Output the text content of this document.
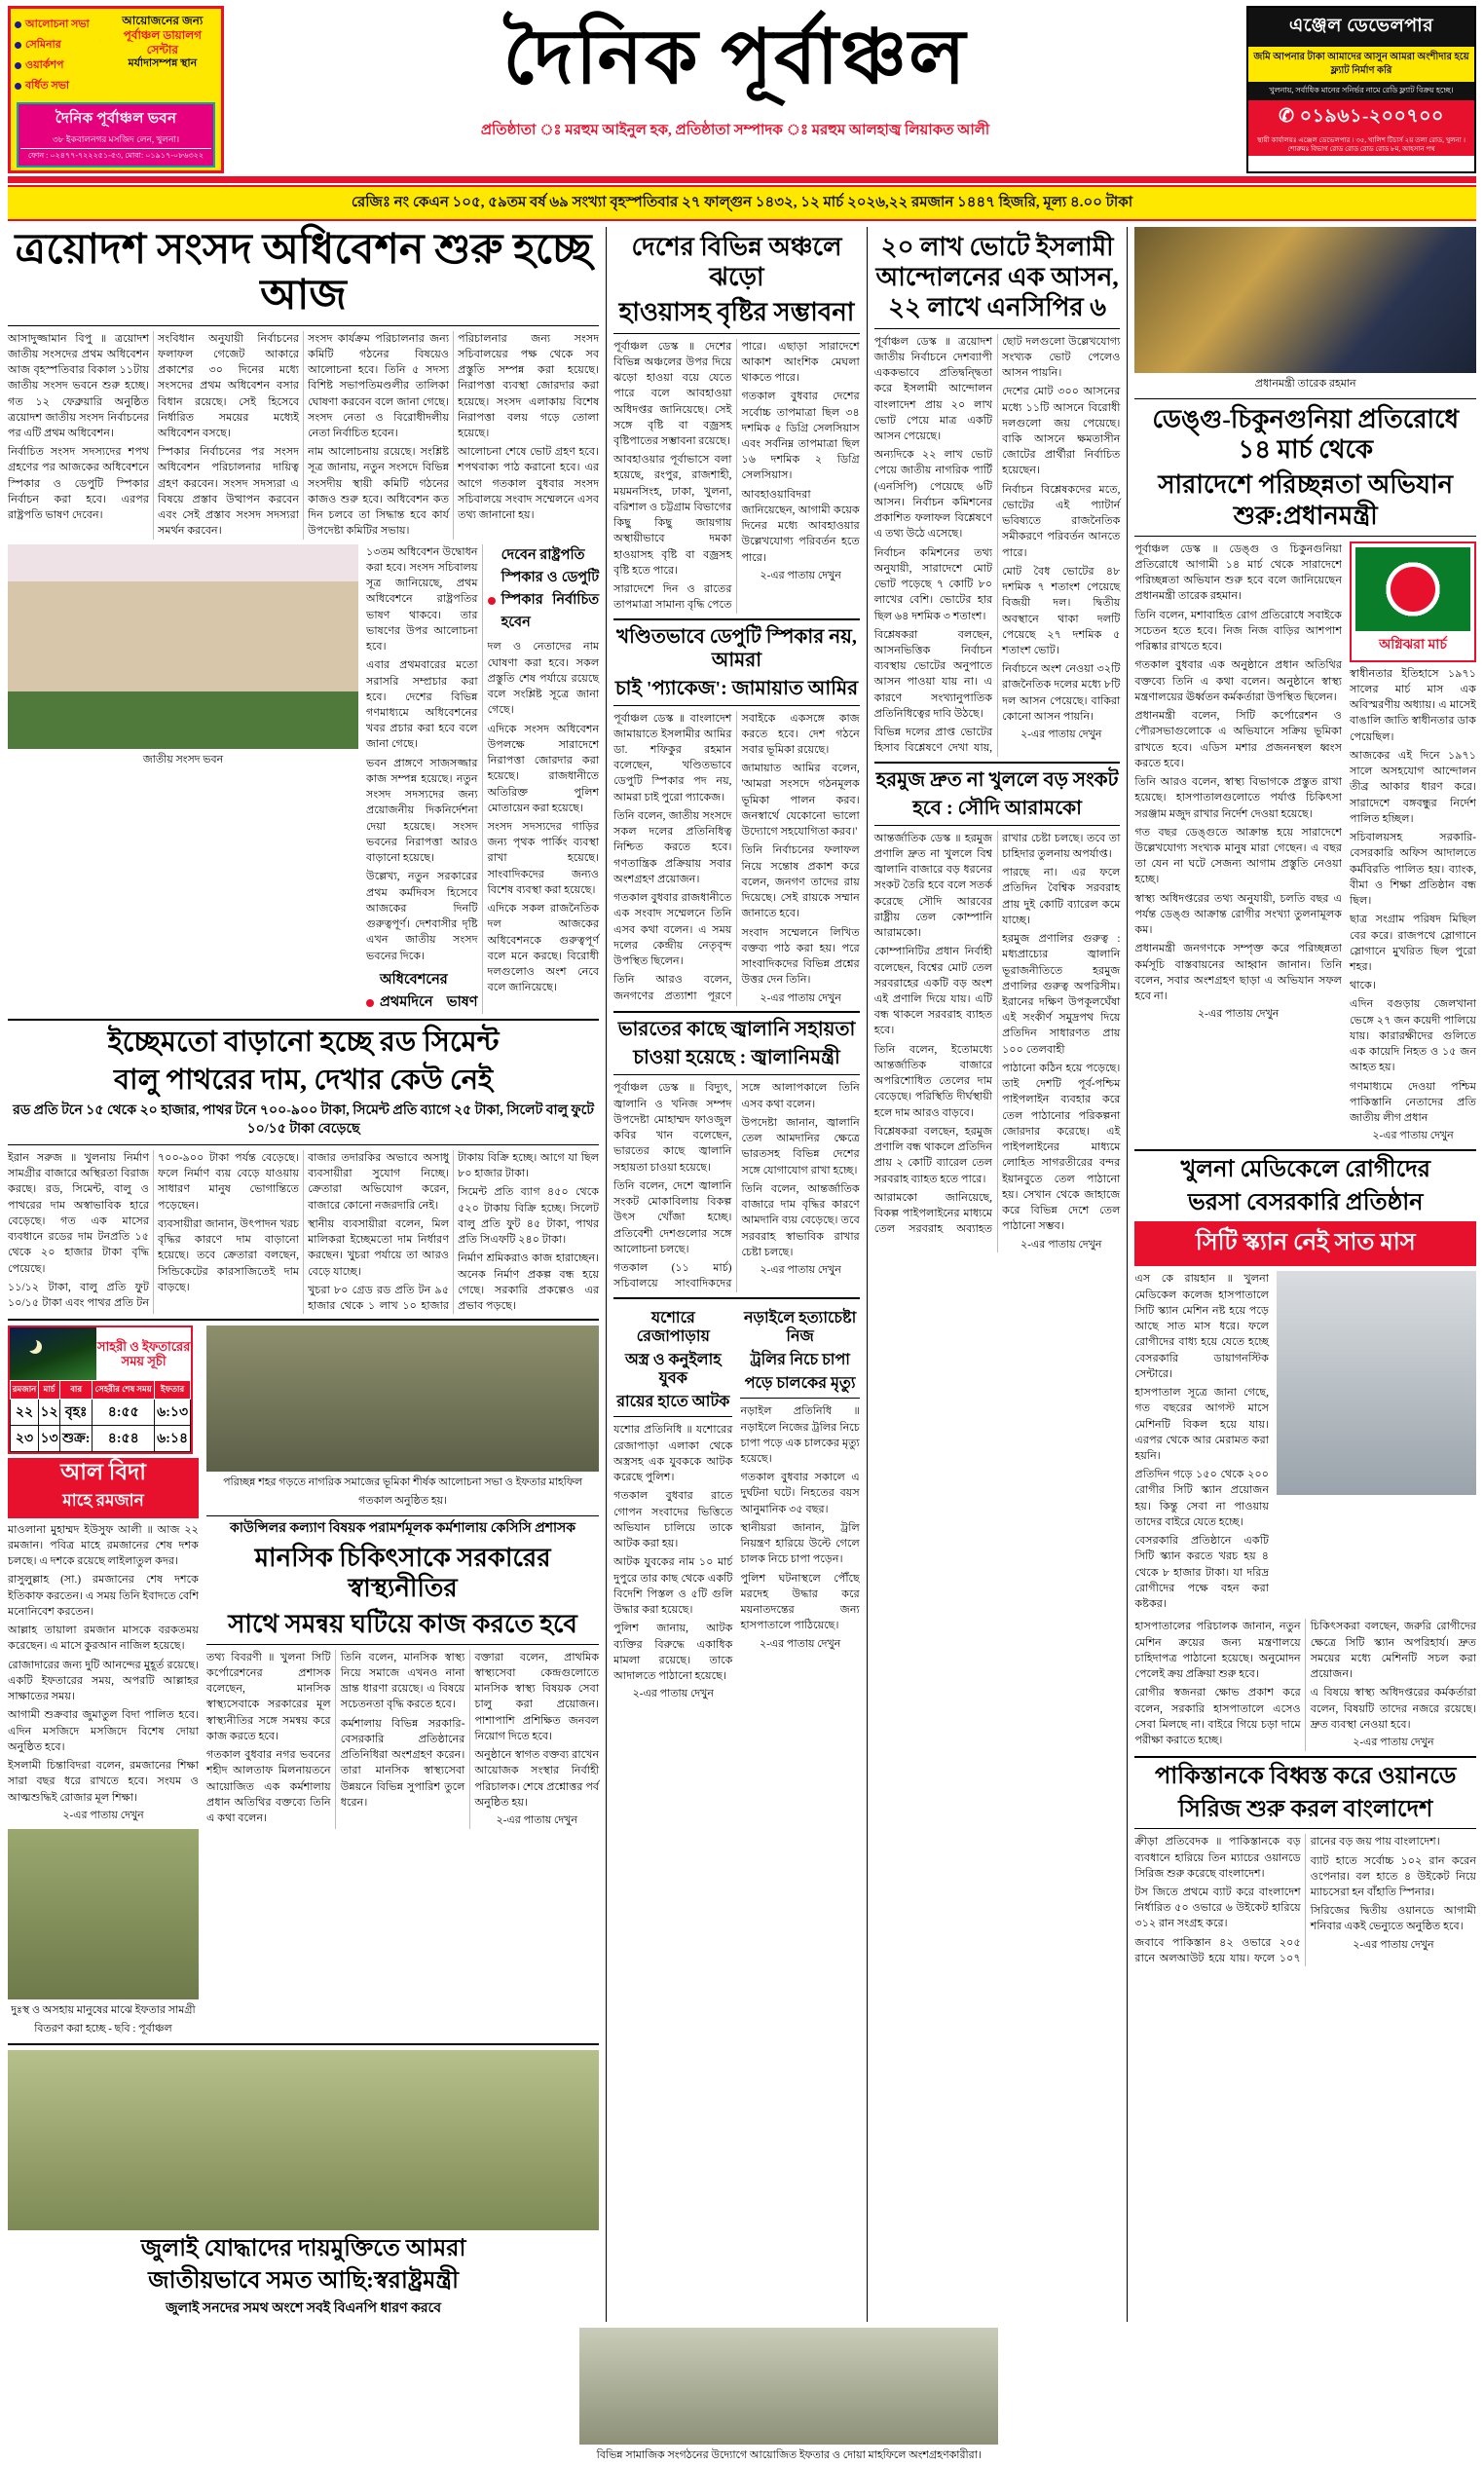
আলোচনা সভা
সেমিনার
ওয়ার্কশপ
বর্ধিত সভা
আয়োজনের জন্য
পূর্বাঞ্চল ডায়ালগ সেন্টার
মর্যাদাসম্পন্ন স্থান
দৈনিক পূর্বাঞ্চল ভবন
৩৮ ইকবালনগর মসজিদ লেন, খুলনা।
ফোন : ০২৪৭৭-৭২২২৫১-৫৩, মোবা: ০১৯১৭-০৮৬৩২২
দৈনিক পূর্বাঞ্চল
প্রতিষ্ঠাতা ঃ মরহুম আইনুল হক, প্রতিষ্ঠাতা সম্পাদক ঃ মরহুম আলহাজ্ব লিয়াকত আলী
এঞ্জেল ডেভেলপার
জমি আপনার টাকা আমাদের আসুন আমরা অংশীদার হয়ে ফ্ল্যাট নির্মাণ করি
খুলনায়, সর্বাধিক মানের সনির্ভর নামে রেডি ফ্ল্যাট বিক্রয় হচ্ছে।
✆ ০১৯৬১-২০০৭০০
স্থায়ী কার্যালয়ঃ এঞ্জেল ডেভেলপার । ৩৫, খালিশ টিচার্স ২য় তলা রোড, খুলনা । শোরুমঃ বিভাগ রোড রোড রোড রোড ৮ম, আহসান পথ
রেজিঃ নং কেএন ১০৫, ৫৯তম বর্ষ ৬৯ সংখ্যা বৃহস্পতিবার ২৭ ফাল্গুন ১৪৩২, ১২ মার্চ ২০২৬,২২ রমজান ১৪৪৭ হিজরি, মূল্য ৪.০০ টাকা
ত্রয়োদশ সংসদ অধিবেশন শুরু হচ্ছে আজ

আসাদুজ্জামান বিপু ॥ ত্রয়োদশ জাতীয় সংসদের প্রথম অধিবেশন আজ বৃহস্পতিবার বিকাল ১১টায় জাতীয় সংসদ ভবনে শুরু হচ্ছে। গত ১২ ফেব্রুয়ারি অনুষ্ঠিত ত্রয়োদশ জাতীয় সংসদ নির্বাচনের পর এটি প্রথম অধিবেশন।

নির্বাচিত সংসদ সদস্যদের শপথ গ্রহণের পর আজকের অধিবেশনে স্পিকার ও ডেপুটি স্পিকার নির্বাচন করা হবে। এরপর রাষ্ট্রপতি ভাষণ দেবেন।

সংবিধান অনুযায়ী নির্বাচনের ফলাফল গেজেট আকারে প্রকাশের ৩০ দিনের মধ্যে সংসদের প্রথম অধিবেশন বসার বিধান রয়েছে। সেই হিসেবে নির্ধারিত সময়ের মধ্যেই অধিবেশন বসছে।

স্পিকার নির্বাচনের পর সংসদ অধিবেশন পরিচালনার দায়িত্ব গ্রহণ করবেন। সংসদ সদস্যরা এ বিষয়ে প্রস্তাব উত্থাপন করবেন এবং সেই প্রস্তাব সংসদ সদস্যরা সমর্থন করবেন।

সংসদ কার্যক্রম পরিচালনার জন্য কমিটি গঠনের বিষয়েও আলোচনা হবে। তিনি ৫ সদস্য বিশিষ্ট সভাপতিমণ্ডলীর তালিকা ঘোষণা করবেন বলে জানা গেছে। সংসদ নেতা ও বিরোধীদলীয় নেতা নির্বাচিত হবেন।

নাম আলোচনায় রয়েছে। সংশ্লিষ্ট সূত্র জানায়, নতুন সংসদে বিভিন্ন সংসদীয় স্থায়ী কমিটি গঠনের কাজও শুরু হবে। অধিবেশন কত দিন চলবে তা সিদ্ধান্ত হবে কার্য উপদেষ্টা কমিটির সভায়।

পরিচালনার জন্য সংসদ সচিবালয়ের পক্ষ থেকে সব প্রস্তুতি সম্পন্ন করা হয়েছে। নিরাপত্তা ব্যবস্থা জোরদার করা হয়েছে। সংসদ এলাকায় বিশেষ নিরাপত্তা বলয় গড়ে তোলা হয়েছে।

আলোচনা শেষে ভোট গ্রহণ হবে। শপথবাক্য পাঠ করানো হবে। এর আগে গতকাল বুধবার সংসদ সচিবালয়ে সংবাদ সম্মেলনে এসব তথ্য জানানো হয়।

জাতীয় সংসদ ভবন

১৩তম অধিবেশন উদ্বোধন করা হবে। সংসদ সচিবালয় সূত্র জানিয়েছে, প্রথম অধিবেশনে রাষ্ট্রপতির ভাষণ থাকবে। তার ভাষণের উপর আলোচনা হবে।

এবার প্রথমবারের মতো সরাসরি সম্প্রচার করা হবে। দেশের বিভিন্ন গণমাধ্যমে অধিবেশনের খবর প্রচার করা হবে বলে জানা গেছে।

ভবন প্রাঙ্গণে সাজসজ্জার কাজ সম্পন্ন হয়েছে। নতুন সংসদ সদস্যদের জন্য প্রয়োজনীয় দিকনির্দেশনা দেয়া হয়েছে। সংসদ ভবনের নিরাপত্তা আরও বাড়ানো হয়েছে।

উল্লেখ্য, নতুন সরকারের প্রথম কর্মদিবস হিসেবে আজকের দিনটি গুরুত্বপূর্ণ। দেশবাসীর দৃষ্টি এখন জাতীয় সংসদ ভবনের দিকে।

অধিবেশনের প্রথমদিনে ভাষণ দেবেন রাষ্ট্রপতি
স্পিকার ও ডেপুটি স্পিকার নির্বাচিত হবেন

দল ও নেতাদের নাম ঘোষণা করা হবে। সকল প্রস্তুতি শেষ পর্যায়ে রয়েছে বলে সংশ্লিষ্ট সূত্রে জানা গেছে।

এদিকে সংসদ অধিবেশন উপলক্ষে সারাদেশে নিরাপত্তা জোরদার করা হয়েছে। রাজধানীতে অতিরিক্ত পুলিশ মোতায়েন করা হয়েছে।

সংসদ সদস্যদের গাড়ির জন্য পৃথক পার্কিং ব্যবস্থা রাখা হয়েছে। সাংবাদিকদের জন্যও বিশেষ ব্যবস্থা করা হয়েছে।

এদিকে সকল রাজনৈতিক দল আজকের অধিবেশনকে গুরুত্বপূর্ণ বলে মনে করছে। বিরোধী দলগুলোও অংশ নেবে বলে জানিয়েছে।

ইচ্ছেমতো বাড়ানো হচ্ছে রড সিমেন্ট
বালু পাথরের দাম, দেখার কেউ নেই
রড প্রতি টনে ১৫ থেকে ২০ হাজার, পাথর টনে ৭০০-৯০০ টাকা, সিমেন্ট প্রতি ব্যাগে ২৫ টাকা, সিলেট বালু ফুটে ১০/১৫ টাকা বেড়েছে

ইরান সরুজ ॥ খুলনায় নির্মাণ সামগ্রীর বাজারে অস্থিরতা বিরাজ করছে। রড, সিমেন্ট, বালু ও পাথরের দাম অস্বাভাবিক হারে বেড়েছে। গত এক মাসের ব্যবধানে রডের দাম টনপ্রতি ১৫ থেকে ২০ হাজার টাকা বৃদ্ধি পেয়েছে।

১১/১২ টাকা, বালু প্রতি ফুট ১০/১৫ টাকা এবং পাথর প্রতি টন ৭০০-৯০০ টাকা পর্যন্ত বেড়েছে। ফলে নির্মাণ ব্যয় বেড়ে যাওয়ায় সাধারণ মানুষ ভোগান্তিতে পড়েছেন।

ব্যবসায়ীরা জানান, উৎপাদন খরচ বৃদ্ধির কারণে দাম বাড়ানো হয়েছে। তবে ক্রেতারা বলছেন, সিন্ডিকেটের কারসাজিতেই দাম বাড়ছে।

বাজার তদারকির অভাবে অসাধু ব্যবসায়ীরা সুযোগ নিচ্ছে। ক্রেতারা অভিযোগ করেন, বাজারে কোনো নজরদারি নেই।

স্থানীয় ব্যবসায়ীরা বলেন, মিল মালিকরা ইচ্ছেমতো দাম নির্ধারণ করছেন। খুচরা পর্যায়ে তা আরও বেড়ে যাচ্ছে।

খুচরা ৮০ গ্রেড রড প্রতি টন ৯৫ হাজার থেকে ১ লাখ ১০ হাজার টাকায় বিক্রি হচ্ছে। আগে যা ছিল ৮০ হাজার টাকা।

সিমেন্ট প্রতি ব্যাগ ৪৫০ থেকে ৫২০ টাকায় বিক্রি হচ্ছে। সিলেট বালু প্রতি ফুট ৪৫ টাকা, পাথর প্রতি সিএফটি ২৪০ টাকা।

নির্মাণ শ্রমিকরাও কাজ হারাচ্ছেন। অনেক নির্মাণ প্রকল্প বন্ধ হয়ে গেছে। সরকারি প্রকল্পেও এর প্রভাব পড়ছে।

সাহরী ও ইফতারের সময় সূচী
রমজান	মার্চ	বার	সেহরীর শেষ সময়	ইফতার
২২	১২	বৃহঃ	৪:৫৫	৬:১৩
২৩	১৩	শুক্র:	৪:৫৪	৬:১৪
আল বিদা
মাহে রমজান

মাওলানা মুহাম্মদ ইউসুফ আলী ॥ আজ ২২ রমজান। পবিত্র মাহে রমজানের শেষ দশক চলছে। এ দশকে রয়েছে লাইলাতুল কদর।

রাসুলুল্লাহ (সা.) রমজানের শেষ দশকে ইতিকাফ করতেন। এ সময় তিনি ইবাদতে বেশি মনোনিবেশ করতেন।

আল্লাহ তায়ালা রমজান মাসকে বরকতময় করেছেন। এ মাসে কুরআন নাজিল হয়েছে।

রোজাদারের জন্য দুটি আনন্দের মুহূর্ত রয়েছে। একটি ইফতারের সময়, অপরটি আল্লাহর সাক্ষাতের সময়।

আগামী শুক্রবার জুমাতুল বিদা পালিত হবে। এদিন মসজিদে মসজিদে বিশেষ দোয়া অনুষ্ঠিত হবে।

ইসলামী চিন্তাবিদরা বলেন, রমজানের শিক্ষা সারা বছর ধরে রাখতে হবে। সংযম ও আত্মশুদ্ধিই রোজার মূল শিক্ষা।

২-এর পাতায় দেখুন
দুঃস্থ ও অসহায় মানুষের মাঝে ইফতার সামগ্রী বিতরণ করা হচ্ছে - ছবি : পূর্বাঞ্চল
পরিচ্ছন্ন শহর গড়তে নাগরিক সমাজের ভূমিকা শীর্ষক আলোচনা সভা ও ইফতার মাহফিল গতকাল অনুষ্ঠিত হয়।
কাউন্সিলর কল্যাণ বিষয়ক পরামর্শমূলক কর্মশালায় কেসিসি প্রশাসক
মানসিক চিকিৎসাকে সরকারের স্বাস্থ্যনীতির
সাথে সমন্বয় ঘটিয়ে কাজ করতে হবে

তথ্য বিবরণী ॥ খুলনা সিটি কর্পোরেশনের প্রশাসক বলেছেন, মানসিক স্বাস্থ্যসেবাকে সরকারের মূল স্বাস্থ্যনীতির সঙ্গে সমন্বয় করে কাজ করতে হবে।

গতকাল বুধবার নগর ভবনের শহীদ আলতাফ মিলনায়তনে আয়োজিত এক কর্মশালায় প্রধান অতিথির বক্তব্যে তিনি এ কথা বলেন।

তিনি বলেন, মানসিক স্বাস্থ্য নিয়ে সমাজে এখনও নানা ভ্রান্ত ধারণা রয়েছে। এ বিষয়ে সচেতনতা বৃদ্ধি করতে হবে।

কর্মশালায় বিভিন্ন সরকারি-বেসরকারি প্রতিষ্ঠানের প্রতিনিধিরা অংশগ্রহণ করেন। তারা মানসিক স্বাস্থ্যসেবা উন্নয়নে বিভিন্ন সুপারিশ তুলে ধরেন।

বক্তারা বলেন, প্রাথমিক স্বাস্থ্যসেবা কেন্দ্রগুলোতে মানসিক স্বাস্থ্য বিষয়ক সেবা চালু করা প্রয়োজন। পাশাপাশি প্রশিক্ষিত জনবল নিয়োগ দিতে হবে।

অনুষ্ঠানে স্বাগত বক্তব্য রাখেন আয়োজক সংস্থার নির্বাহী পরিচালক। শেষে প্রশ্নোত্তর পর্ব অনুষ্ঠিত হয়।

২-এর পাতায় দেখুন
জুলাই যোদ্ধাদের দায়মুক্তিতে আমরা
জাতীয়ভাবে সমত আছি:স্বরাষ্ট্রমন্ত্রী
জুলাই সনদের সমথ অংশে সবই বিএনপি ধারণ করবে
দেশের বিভিন্ন অঞ্চলে ঝড়ো
হাওয়াসহ বৃষ্টির সম্ভাবনা

পূর্বাঞ্চল ডেস্ক ॥ দেশের বিভিন্ন অঞ্চলের উপর দিয়ে ঝড়ো হাওয়া বয়ে যেতে পারে বলে আবহাওয়া অধিদপ্তর জানিয়েছে। সেই সঙ্গে বৃষ্টি বা বজ্রসহ বৃষ্টিপাতের সম্ভাবনা রয়েছে।

আবহাওয়ার পূর্বাভাসে বলা হয়েছে, রংপুর, রাজশাহী, ময়মনসিংহ, ঢাকা, খুলনা, বরিশাল ও চট্টগ্রাম বিভাগের কিছু কিছু জায়গায় অস্থায়ীভাবে দমকা হাওয়াসহ বৃষ্টি বা বজ্রসহ বৃষ্টি হতে পারে।

সারাদেশে দিন ও রাতের তাপমাত্রা সামান্য বৃদ্ধি পেতে পারে। এছাড়া সারাদেশে আকাশ আংশিক মেঘলা থাকতে পারে।

গতকাল বুধবার দেশের সর্বোচ্চ তাপমাত্রা ছিল ৩৪ দশমিক ৫ ডিগ্রি সেলসিয়াস এবং সর্বনিম্ন তাপমাত্রা ছিল ১৬ দশমিক ২ ডিগ্রি সেলসিয়াস।

আবহাওয়াবিদরা জানিয়েছেন, আগামী কয়েক দিনের মধ্যে আবহাওয়ার উল্লেখযোগ্য পরিবর্তন হতে পারে।

২-এর পাতায় দেখুন
খণ্ডিতভাবে ডেপুটি স্পিকার নয়, আমরা
চাই 'প্যাকেজ': জামায়াত আমির

পূর্বাঞ্চল ডেস্ক ॥ বাংলাদেশ জামায়াতে ইসলামীর আমির ডা. শফিকুর রহমান বলেছেন, খণ্ডিতভাবে ডেপুটি স্পিকার পদ নয়, আমরা চাই পুরো প্যাকেজ।

তিনি বলেন, জাতীয় সংসদে সকল দলের প্রতিনিধিত্ব নিশ্চিত করতে হবে। গণতান্ত্রিক প্রক্রিয়ায় সবার অংশগ্রহণ প্রয়োজন।

গতকাল বুধবার রাজধানীতে এক সংবাদ সম্মেলনে তিনি এসব কথা বলেন। এ সময় দলের কেন্দ্রীয় নেতৃবৃন্দ উপস্থিত ছিলেন।

তিনি আরও বলেন, জনগণের প্রত্যাশা পূরণে সবাইকে একসঙ্গে কাজ করতে হবে। দেশ গঠনে সবার ভূমিকা রয়েছে।

জামায়াত আমির বলেন, 'আমরা সংসদে গঠনমূলক ভূমিকা পালন করব। জনস্বার্থে যেকোনো ভালো উদ্যোগে সহযোগিতা করব।'

তিনি নির্বাচনের ফলাফল নিয়ে সন্তোষ প্রকাশ করে বলেন, জনগণ তাদের রায় দিয়েছে। সেই রায়কে সম্মান জানাতে হবে।

সংবাদ সম্মেলনে লিখিত বক্তব্য পাঠ করা হয়। পরে সাংবাদিকদের বিভিন্ন প্রশ্নের উত্তর দেন তিনি।

২-এর পাতায় দেখুন
ভারতের কাছে জ্বালানি সহায়তা
চাওয়া হয়েছে : জ্বালানিমন্ত্রী

পূর্বাঞ্চল ডেস্ক ॥ বিদ্যুৎ, জ্বালানি ও খনিজ সম্পদ উপদেষ্টা মোহাম্মদ ফাওজুল কবির খান বলেছেন, ভারতের কাছে জ্বালানি সহায়তা চাওয়া হয়েছে।

তিনি বলেন, দেশে জ্বালানি সংকট মোকাবিলায় বিকল্প উৎস খোঁজা হচ্ছে। প্রতিবেশী দেশগুলোর সঙ্গে আলোচনা চলছে।

গতকাল (১১ মার্চ) সচিবালয়ে সাংবাদিকদের সঙ্গে আলাপকালে তিনি এসব কথা বলেন।

উপদেষ্টা জানান, জ্বালানি তেল আমদানির ক্ষেত্রে ভারতসহ বিভিন্ন দেশের সঙ্গে যোগাযোগ রাখা হচ্ছে।

তিনি বলেন, আন্তর্জাতিক বাজারে দাম বৃদ্ধির কারণে আমদানি ব্যয় বেড়েছে। তবে সরবরাহ স্বাভাবিক রাখার চেষ্টা চলছে।

২-এর পাতায় দেখুন
যশোরে রেজাপাড়ায়
অস্ত্র ও কনুইলাহ যুবক
রায়ের হাতে আটক

যশোর প্রতিনিধি ॥ যশোরের রেজাপাড়া এলাকা থেকে অস্ত্রসহ এক যুবককে আটক করেছে পুলিশ।

গতকাল বুধবার রাতে গোপন সংবাদের ভিত্তিতে অভিযান চালিয়ে তাকে আটক করা হয়।

আটক যুবকের নাম ১০ মার্চ দুপুরে তার কাছ থেকে একটি বিদেশি পিস্তল ও ৫টি গুলি উদ্ধার করা হয়েছে।

পুলিশ জানায়, আটক ব্যক্তির বিরুদ্ধে একাধিক মামলা রয়েছে। তাকে আদালতে পাঠানো হয়েছে।

২-এর পাতায় দেখুন
নড়াইলে হত্যাচেষ্টা নিজ
ট্রলির নিচে চাপা
পড়ে চালকের মৃত্যু

নড়াইল প্রতিনিধি ॥ নড়াইলে নিজের ট্রলির নিচে চাপা পড়ে এক চালকের মৃত্যু হয়েছে।

গতকাল বুধবার সকালে এ দুর্ঘটনা ঘটে। নিহতের বয়স আনুমানিক ৩৫ বছর।

স্থানীয়রা জানান, ট্রলি নিয়ন্ত্রণ হারিয়ে উল্টে গেলে চালক নিচে চাপা পড়েন।

পুলিশ ঘটনাস্থলে পৌঁছে মরদেহ উদ্ধার করে ময়নাতদন্তের জন্য হাসপাতালে পাঠিয়েছে।

২-এর পাতায় দেখুন
২০ লাখ ভোটে ইসলামী আন্দোলনের এক আসন, ২২ লাখে এনসিপির ৬

পূর্বাঞ্চল ডেস্ক ॥ ত্রয়োদশ জাতীয় নির্বাচনে দেশব্যাপী এককভাবে প্রতিদ্বন্দ্বিতা করে ইসলামী আন্দোলন বাংলাদেশ প্রায় ২০ লাখ ভোট পেয়ে মাত্র একটি আসন পেয়েছে।

অন্যদিকে ২২ লাখ ভোট পেয়ে জাতীয় নাগরিক পার্টি (এনসিপি) পেয়েছে ৬টি আসন। নির্বাচন কমিশনের প্রকাশিত ফলাফল বিশ্লেষণে এ তথ্য উঠে এসেছে।

নির্বাচন কমিশনের তথ্য অনুযায়ী, সারাদেশে মোট ভোট পড়েছে ৭ কোটি ৮০ লাখের বেশি। ভোটের হার ছিল ৬৪ দশমিক ৩ শতাংশ।

বিশ্লেষকরা বলছেন, আসনভিত্তিক নির্বাচন ব্যবস্থায় ভোটের অনুপাতে আসন পাওয়া যায় না। এ কারণে সংখ্যানুপাতিক প্রতিনিধিত্বের দাবি উঠছে।

বিভিন্ন দলের প্রাপ্ত ভোটের হিসাব বিশ্লেষণে দেখা যায়, ছোট দলগুলো উল্লেখযোগ্য সংখ্যক ভোট পেলেও আসন পায়নি।

দেশের মোট ৩০০ আসনের মধ্যে ১১টি আসনে বিরোধী দলগুলো জয় পেয়েছে। বাকি আসনে ক্ষমতাসীন জোটের প্রার্থীরা নির্বাচিত হয়েছেন।

নির্বাচন বিশ্লেষকদের মতে, ভোটের এই প্যাটার্ন ভবিষ্যতে রাজনৈতিক সমীকরণে পরিবর্তন আনতে পারে।

মোট বৈধ ভোটের ৪৮ দশমিক ৭ শতাংশ পেয়েছে বিজয়ী দল। দ্বিতীয় অবস্থানে থাকা দলটি পেয়েছে ২৭ দশমিক ৫ শতাংশ ভোট।

নির্বাচনে অংশ নেওয়া ৩২টি রাজনৈতিক দলের মধ্যে ৮টি দল আসন পেয়েছে। বাকিরা কোনো আসন পায়নি।

২-এর পাতায় দেখুন
হরমুজ দ্রুত না খুললে বড় সংকট
হবে : সৌদি আরামকো

আন্তর্জাতিক ডেস্ক ॥ হরমুজ প্রণালি দ্রুত না খুললে বিশ্ব জ্বালানি বাজারে বড় ধরনের সংকট তৈরি হবে বলে সতর্ক করেছে সৌদি আরবের রাষ্ট্রীয় তেল কোম্পানি আরামকো।

কোম্পানিটির প্রধান নির্বাহী বলেছেন, বিশ্বের মোট তেল সরবরাহের একটি বড় অংশ এই প্রণালি দিয়ে যায়। এটি বন্ধ থাকলে সরবরাহ ব্যাহত হবে।

তিনি বলেন, ইতোমধ্যে আন্তর্জাতিক বাজারে অপরিশোধিত তেলের দাম বেড়েছে। পরিস্থিতি দীর্ঘস্থায়ী হলে দাম আরও বাড়বে।

বিশ্লেষকরা বলছেন, হরমুজ প্রণালি বন্ধ থাকলে প্রতিদিন প্রায় ২ কোটি ব্যারেল তেল সরবরাহ ব্যাহত হতে পারে।

আরামকো জানিয়েছে, বিকল্প পাইপলাইনের মাধ্যমে তেল সরবরাহ অব্যাহত রাখার চেষ্টা চলছে। তবে তা চাহিদার তুলনায় অপর্যাপ্ত।

পারছে না। এর ফলে প্রতিদিন বৈশ্বিক সরবরাহ প্রায় দুই কোটি ব্যারেল কমে যাচ্ছে।

হরমুজ প্রণালির গুরুত্ব : মধ্যপ্রাচ্যের জ্বালানি ভূরাজনীতিতে হরমুজ প্রণালির গুরুত্ব অপরিসীম। ইরানের দক্ষিণ উপকূলঘেঁষা এই সংকীর্ণ সমুদ্রপথ দিয়ে প্রতিদিন সাধারণত প্রায় ১০০ তেলবাহী

পাঠানো কঠিন হয়ে পড়েছে। তাই দেশটি পূর্ব-পশ্চিম পাইপলাইন ব্যবহার করে তেল পাঠানোর পরিকল্পনা জোরদার করেছে। এই পাইপলাইনের মাধ্যমে লোহিত সাগরতীরের বন্দর ইয়ানবুতে তেল পাঠানো হয়। সেখান থেকে জাহাজে করে বিভিন্ন দেশে তেল পাঠানো সম্ভব।

২-এর পাতায় দেখুন
প্রধানমন্ত্রী তারেক রহমান
ডেঙ্গু-চিকুনগুনিয়া প্রতিরোধে ১৪ মার্চ থেকে
সারাদেশে পরিচ্ছন্নতা অভিযান শুরু:প্রধানমন্ত্রী

পূর্বাঞ্চল ডেস্ক ॥ ডেঙ্গু ও চিকুনগুনিয়া প্রতিরোধে আগামী ১৪ মার্চ থেকে সারাদেশে পরিচ্ছন্নতা অভিযান শুরু হবে বলে জানিয়েছেন প্রধানমন্ত্রী তারেক রহমান।

তিনি বলেন, মশাবাহিত রোগ প্রতিরোধে সবাইকে সচেতন হতে হবে। নিজ নিজ বাড়ির আশপাশ পরিষ্কার রাখতে হবে।

গতকাল বুধবার এক অনুষ্ঠানে প্রধান অতিথির বক্তব্যে তিনি এ কথা বলেন। অনুষ্ঠানে স্বাস্থ্য মন্ত্রণালয়ের ঊর্ধ্বতন কর্মকর্তারা উপস্থিত ছিলেন।

প্রধানমন্ত্রী বলেন, সিটি কর্পোরেশন ও পৌরসভাগুলোকে এ অভিযানে সক্রিয় ভূমিকা রাখতে হবে। এডিস মশার প্রজননস্থল ধ্বংস করতে হবে।

তিনি আরও বলেন, স্বাস্থ্য বিভাগকে প্রস্তুত রাখা হয়েছে। হাসপাতালগুলোতে পর্যাপ্ত চিকিৎসা সরঞ্জাম মজুদ রাখার নির্দেশ দেওয়া হয়েছে।

গত বছর ডেঙ্গুতে আক্রান্ত হয়ে সারাদেশে উল্লেখযোগ্য সংখ্যক মানুষ মারা গেছেন। এ বছর তা যেন না ঘটে সেজন্য আগাম প্রস্তুতি নেওয়া হচ্ছে।

স্বাস্থ্য অধিদপ্তরের তথ্য অনুযায়ী, চলতি বছর এ পর্যন্ত ডেঙ্গু আক্রান্ত রোগীর সংখ্যা তুলনামূলক কম।

প্রধানমন্ত্রী জনগণকে সম্পৃক্ত করে পরিচ্ছন্নতা কর্মসূচি বাস্তবায়নের আহ্বান জানান। তিনি বলেন, সবার অংশগ্রহণ ছাড়া এ অভিযান সফল হবে না।

২-এর পাতায় দেখুন
অগ্নিঝরা মার্চ

স্বাধীনতার ইতিহাসে ১৯৭১ সালের মার্চ মাস এক অবিস্মরণীয় অধ্যায়। এ মাসেই বাঙালি জাতি স্বাধীনতার ডাক পেয়েছিল।

আজকের এই দিনে ১৯৭১ সালে অসহযোগ আন্দোলন তীব্র আকার ধারণ করে। সারাদেশে বঙ্গবন্ধুর নির্দেশ পালিত হচ্ছিল।

সচিবালয়সহ সরকারি-বেসরকারি অফিস আদালতে কর্মবিরতি পালিত হয়। ব্যাংক, বীমা ও শিক্ষা প্রতিষ্ঠান বন্ধ ছিল।

ছাত্র সংগ্রাম পরিষদ মিছিল বের করে। রাজপথে স্লোগানে স্লোগানে মুখরিত ছিল পুরো শহর।

থাকে।

এদিন বগুড়ায় জেলখানা ভেঙ্গে ২৭ জন কয়েদী পালিয়ে যায়। কারারক্ষীদের গুলিতে এক কায়েদি নিহত ও ১৫ জন আহত হয়।

গণমাধ্যমে দেওয়া পশ্চিম পাকিস্তানি নেতাদের প্রতি জাতীয় লীগ প্রধান

২-এর পাতায় দেখুন
খুলনা মেডিকেলে রোগীদের
ভরসা বেসরকারি প্রতিষ্ঠান
সিটি স্ক্যান নেই সাত মাস

এস কে রায়হান ॥ খুলনা মেডিকেল কলেজ হাসপাতালে সিটি স্ক্যান মেশিন নষ্ট হয়ে পড়ে আছে সাত মাস ধরে। ফলে রোগীদের বাধ্য হয়ে যেতে হচ্ছে বেসরকারি ডায়াগনস্টিক সেন্টারে।

হাসপাতাল সূত্রে জানা গেছে, গত বছরের আগস্ট মাসে মেশিনটি বিকল হয়ে যায়। এরপর থেকে আর মেরামত করা হয়নি।

প্রতিদিন গড়ে ১৫০ থেকে ২০০ রোগীর সিটি স্ক্যান প্রয়োজন হয়। কিন্তু সেবা না পাওয়ায় তাদের বাইরে যেতে হচ্ছে।

বেসরকারি প্রতিষ্ঠানে একটি সিটি স্ক্যান করতে খরচ হয় ৪ থেকে ৮ হাজার টাকা। যা দরিদ্র রোগীদের পক্ষে বহন করা কষ্টকর।

হাসপাতালের পরিচালক জানান, নতুন মেশিন ক্রয়ের জন্য মন্ত্রণালয়ে চাহিদাপত্র পাঠানো হয়েছে। অনুমোদন পেলেই ক্রয় প্রক্রিয়া শুরু হবে।

রোগীর স্বজনরা ক্ষোভ প্রকাশ করে বলেন, সরকারি হাসপাতালে এসেও সেবা মিলছে না। বাইরে গিয়ে চড়া দামে পরীক্ষা করাতে হচ্ছে।

চিকিৎসকরা বলছেন, জরুরি রোগীদের ক্ষেত্রে সিটি স্ক্যান অপরিহার্য। দ্রুত সময়ের মধ্যে মেশিনটি সচল করা প্রয়োজন।

এ বিষয়ে স্বাস্থ্য অধিদপ্তরের কর্মকর্তারা বলেন, বিষয়টি তাদের নজরে রয়েছে। দ্রুত ব্যবস্থা নেওয়া হবে।

২-এর পাতায় দেখুন
পাকিস্তানকে বিধ্বস্ত করে ওয়ানডে
সিরিজ শুরু করল বাংলাদেশ

ক্রীড়া প্রতিবেদক ॥ পাকিস্তানকে বড় ব্যবধানে হারিয়ে তিন ম্যাচের ওয়ানডে সিরিজ শুরু করেছে বাংলাদেশ।

টস জিতে প্রথমে ব্যাট করে বাংলাদেশ নির্ধারিত ৫০ ওভারে ৬ উইকেট হারিয়ে ৩১২ রান সংগ্রহ করে।

জবাবে পাকিস্তান ৪২ ওভারে ২০৫ রানে অলআউট হয়ে যায়। ফলে ১০৭ রানের বড় জয় পায় বাংলাদেশ।

ব্যাট হাতে সর্বোচ্চ ১০২ রান করেন ওপেনার। বল হাতে ৪ উইকেট নিয়ে ম্যাচসেরা হন বাঁহাতি স্পিনার।

সিরিজের দ্বিতীয় ওয়ানডে আগামী শনিবার একই ভেন্যুতে অনুষ্ঠিত হবে।

২-এর পাতায় দেখুন
বিভিন্ন সামাজিক সংগঠনের উদ্যোগে আয়োজিত ইফতার ও দোয়া মাহফিলে অংশগ্রহণকারীরা।
